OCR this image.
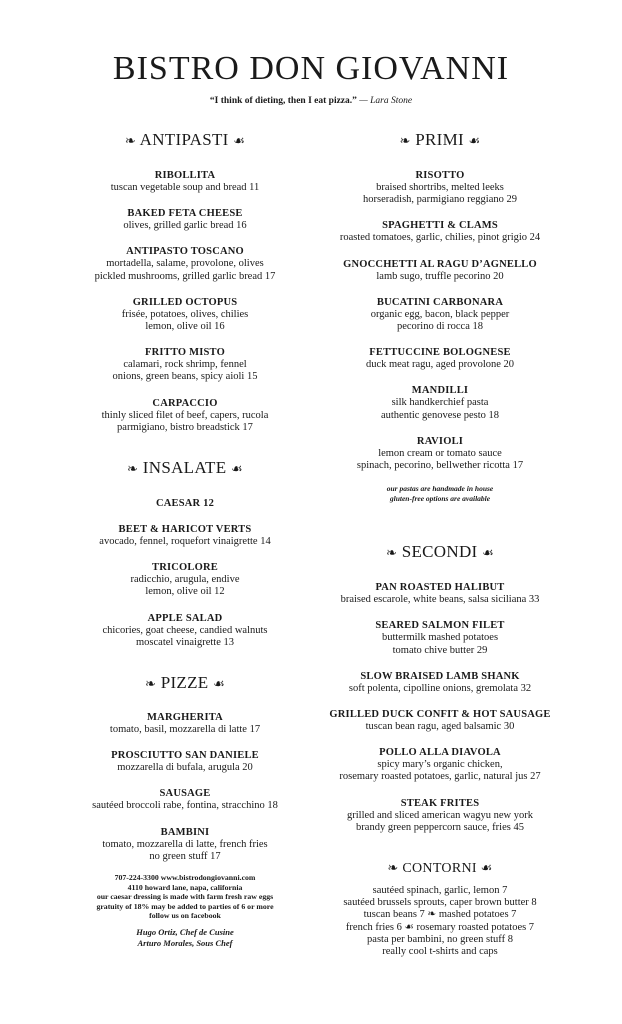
BISTRO DON GIOVANNI
“I think of dieting, then I eat pizza.” — Lara Stone
❧ ANTIPASTI ☙
RIBOLLITA
tuscan vegetable soup and bread 11
BAKED FETA CHEESE
olives, grilled garlic bread 16
ANTIPASTO TOSCANO
mortadella, salame, provolone, olives
pickled mushrooms, grilled garlic bread 17
GRILLED OCTOPUS
frisée, potatoes, olives, chilies
lemon, olive oil 16
FRITTO MISTO
calamari, rock shrimp, fennel
onions, green beans, spicy aioli 15
CARPACCIO
thinly sliced filet of beef, capers, rucola
parmigiano, bistro breadstick 17
❧ INSALATE ☙
CAESAR 12
BEET & HARICOT VERTS
avocado, fennel, roquefort vinaigrette 14
TRICOLORE
radicchio, arugula, endive
lemon, olive oil 12
APPLE SALAD
chicories, goat cheese, candied walnuts
moscatel vinaigrette 13
❧ PIZZE ☙
MARGHERITA
tomato, basil, mozzarella di latte 17
PROSCIUTTO SAN DANIELE
mozzarella di bufala, arugula 20
SAUSAGE
sautéed broccoli rabe, fontina, stracchino 18
BAMBINI
tomato, mozzarella di latte, french fries
no green stuff 17
707-224-3300 www.bistrodongiovanni.com
4110 howard lane, napa, california
our caesar dressing is made with farm fresh raw eggs
gratuity of 18% may be added to parties of 6 or more
follow us on facebook
Hugo Ortiz, Chef de Cusine
Arturo Morales, Sous Chef
❧ PRIMI ☙
RISOTTO
braised shortribs, melted leeks
horseradish, parmigiano reggiano 29
SPAGHETTI & CLAMS
roasted tomatoes, garlic, chilies, pinot grigio 24
GNOCCHETTI AL RAGU D’AGNELLO
lamb sugo, truffle pecorino 20
BUCATINI CARBONARA
organic egg, bacon, black pepper
pecorino di rocca 18
FETTUCCINE BOLOGNESE
duck meat ragu, aged provolone 20
MANDILLI
silk handkerchief pasta
authentic genovese pesto 18
RAVIOLI
lemon cream or tomato sauce
spinach, pecorino, bellwether ricotta 17
our pastas are handmade in house
gluten-free options are available
❧ SECONDI ☙
PAN ROASTED HALIBUT
braised escarole, white beans, salsa siciliana 33
SEARED SALMON FILET
buttermilk mashed potatoes
tomato chive butter 29
SLOW BRAISED LAMB SHANK
soft polenta, cipolline onions, gremolata 32
GRILLED DUCK CONFIT & HOT SAUSAGE
tuscan bean ragu, aged balsamic 30
POLLO ALLA DIAVOLA
spicy mary’s organic chicken,
rosemary roasted potatoes, garlic, natural jus 27
STEAK FRITES
grilled and sliced american wagyu new york
brandy green peppercorn sauce, fries 45
❧ CONTORNI ☙
sautéed spinach, garlic, lemon 7
sautéed brussels sprouts, caper brown butter 8
tuscan beans 7 ❧ mashed potatoes 7
french fries 6 ☙ rosemary roasted potatoes 7
pasta per bambini, no green stuff 8
really cool t-shirts and caps
